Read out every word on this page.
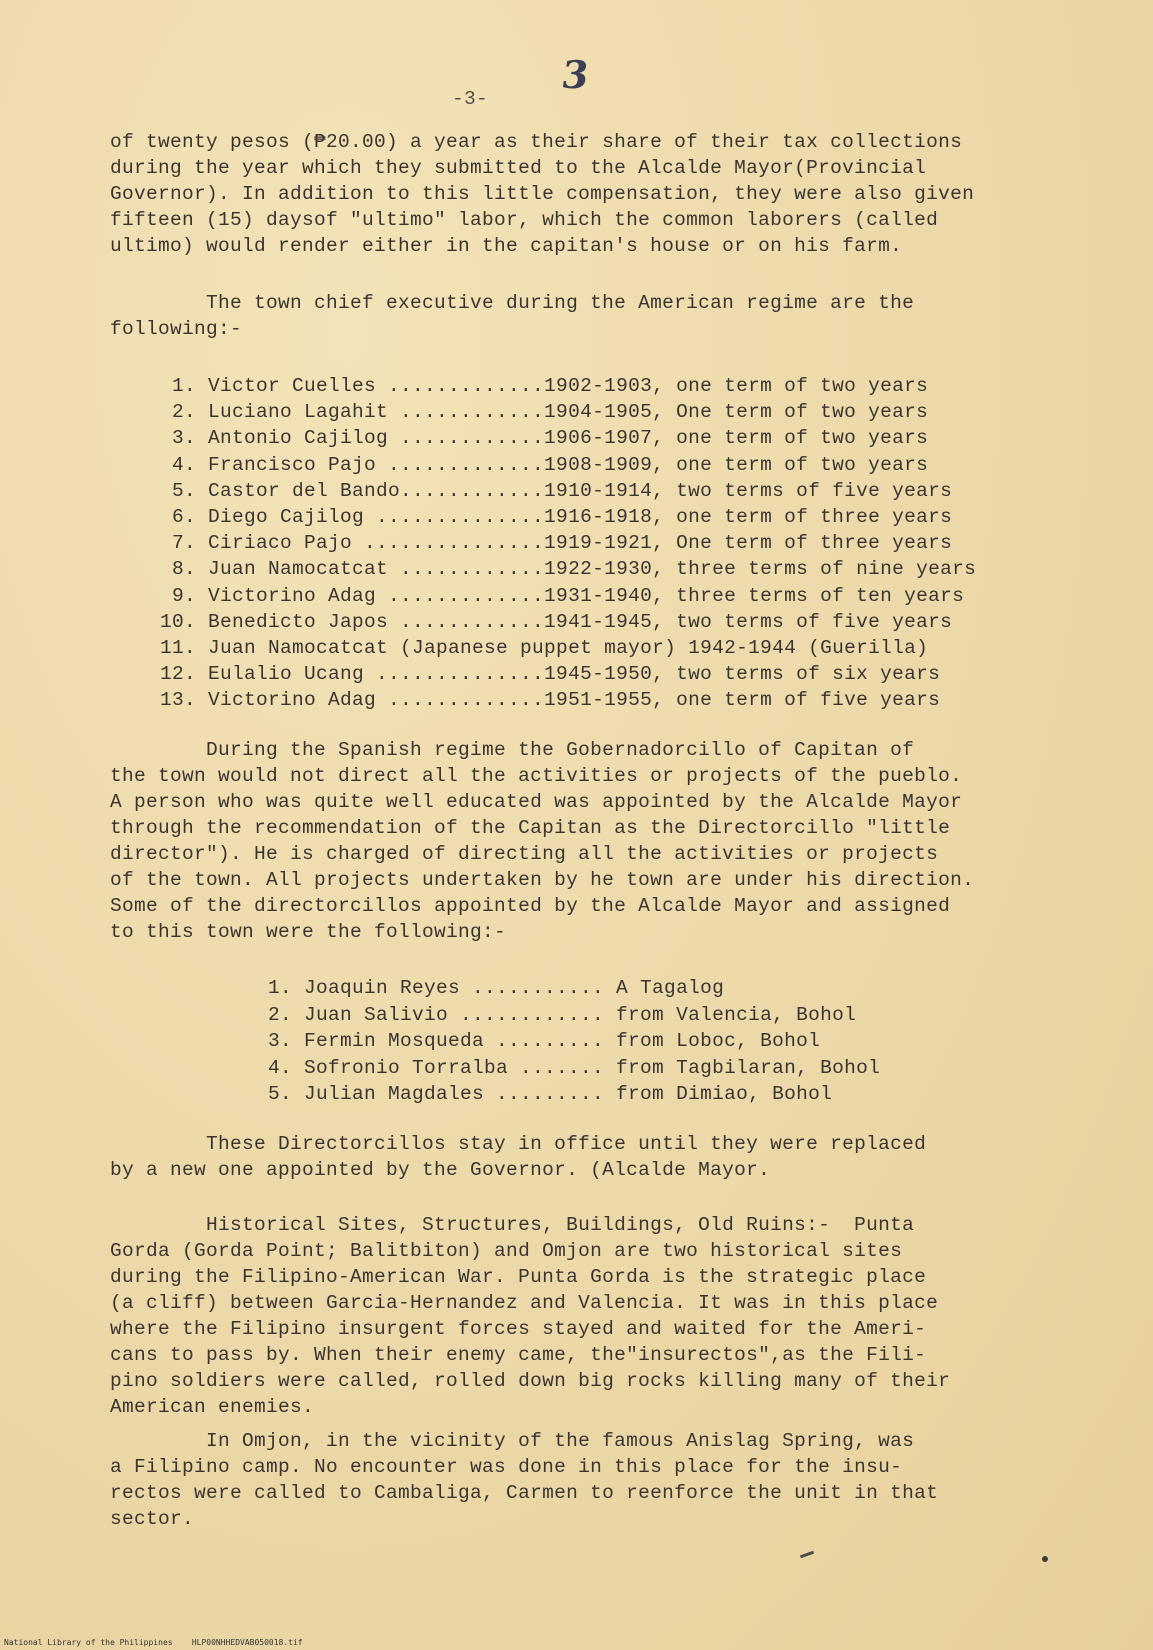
-3-
3
of twenty pesos (₱20.00) a year as their share of their tax collections
during the year which they submitted to the Alcalde Mayor(Provincial
Governor). In addition to this little compensation, they were also given
fifteen (15) daysof "ultimo" labor, which the common laborers (called
ultimo) would render either in the capitan's house or on his farm.
The town chief executive during the American regime are the
following:-
1. Victor Cuelles .............1902-1903, one term of two years
2. Luciano Lagahit ............1904-1905, One term of two years
3. Antonio Cajilog ............1906-1907, one term of two years
4. Francisco Pajo .............1908-1909, one term of two years
5. Castor del Bando............1910-1914, two terms of five years
6. Diego Cajilog ..............1916-1918, one term of three years
7. Ciriaco Pajo ...............1919-1921, One term of three years
8. Juan Namocatcat ............1922-1930, three terms of nine years
9. Victorino Adag .............1931-1940, three terms of ten years
10. Benedicto Japos ............1941-1945, two terms of five years
11. Juan Namocatcat (Japanese puppet mayor) 1942-1944 (Guerilla)
12. Eulalio Ucang ..............1945-1950, two terms of six years
13. Victorino Adag .............1951-1955, one term of five years
During the Spanish regime the Gobernadorcillo of Capitan of
the town would not direct all the activities or projects of the pueblo.
A person who was quite well educated was appointed by the Alcalde Mayor
through the recommendation of the Capitan as the Directorcillo "little
director"). He is charged of directing all the activities or projects
of the town. All projects undertaken by he town are under his direction.
Some of the directorcillos appointed by the Alcalde Mayor and assigned
to this town were the following:-
1. Joaquin Reyes ........... A Tagalog
2. Juan Salivio ............ from Valencia, Bohol
3. Fermin Mosqueda ......... from Loboc, Bohol
4. Sofronio Torralba ....... from Tagbilaran, Bohol
5. Julian Magdales ......... from Dimiao, Bohol
These Directorcillos stay in office until they were replaced
by a new one appointed by the Governor. (Alcalde Mayor.
Historical Sites, Structures, Buildings, Old Ruins:-  Punta
Gorda (Gorda Point; Balitbiton) and Omjon are two historical sites
during the Filipino-American War. Punta Gorda is the strategic place
(a cliff) between Garcia-Hernandez and Valencia. It was in this place
where the Filipino insurgent forces stayed and waited for the Ameri-
cans to pass by. When their enemy came, the"insurectos",as the Fili-
pino soldiers were called, rolled down big rocks killing many of their
American enemies.
In Omjon, in the vicinity of the famous Anislag Spring, was
a Filipino camp. No encounter was done in this place for the insu-
rectos were called to Cambaliga, Carmen to reenforce the unit in that
sector.
National Library of the Philippines    HLP00NHHEDVAB050018.tif
